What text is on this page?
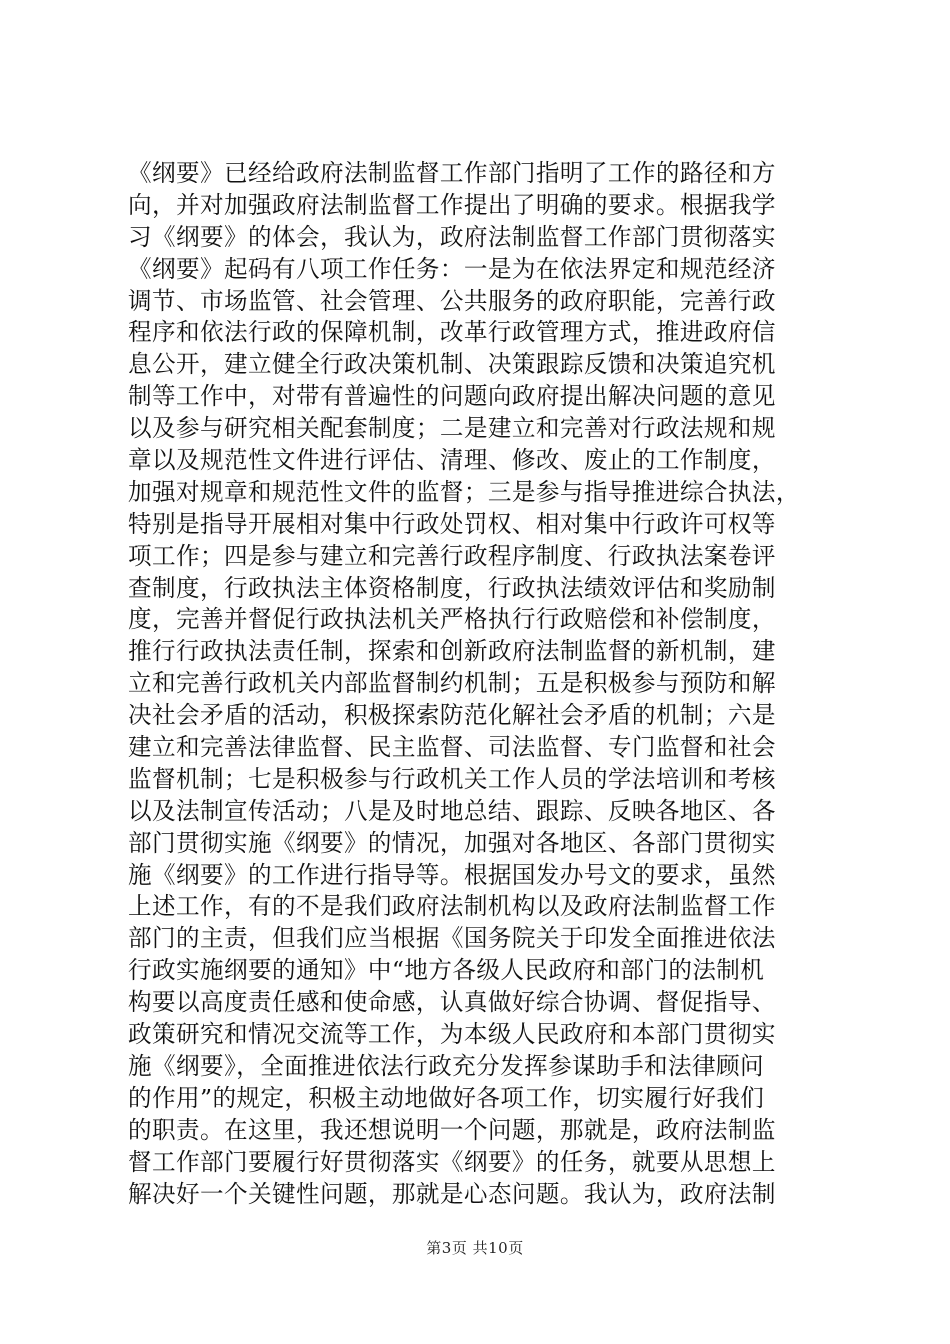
《纲要》已经给政府法制监督工作部门指明了工作的路径和方
向，并对加强政府法制监督工作提出了明确的要求。根据我学
习《纲要》的体会，我认为，政府法制监督工作部门贯彻落实
《纲要》起码有八项工作任务：一是为在依法界定和规范经济
调节、市场监管、社会管理、公共服务的政府职能，完善行政
程序和依法行政的保障机制，改革行政管理方式，推进政府信
息公开，建立健全行政决策机制、决策跟踪反馈和决策追究机
制等工作中，对带有普遍性的问题向政府提出解决问题的意见
以及参与研究相关配套制度；二是建立和完善对行政法规和规
章以及规范性文件进行评估、清理、修改、废止的工作制度，
加强对规章和规范性文件的监督；三是参与指导推进综合执法，
特别是指导开展相对集中行政处罚权、相对集中行政许可权等
项工作；四是参与建立和完善行政程序制度、行政执法案卷评
查制度，行政执法主体资格制度，行政执法绩效评估和奖励制
度，完善并督促行政执法机关严格执行行政赔偿和补偿制度，
推行行政执法责任制，探索和创新政府法制监督的新机制，建
立和完善行政机关内部监督制约机制；五是积极参与预防和解
决社会矛盾的活动，积极探索防范化解社会矛盾的机制；六是
建立和完善法律监督、民主监督、司法监督、专门监督和社会
监督机制；七是积极参与行政机关工作人员的学法培训和考核
以及法制宣传活动；八是及时地总结、跟踪、反映各地区、各
部门贯彻实施《纲要》的情况，加强对各地区、各部门贯彻实
施《纲要》的工作进行指导等。根据国发办号文的要求，虽然
上述工作，有的不是我们政府法制机构以及政府法制监督工作
部门的主责，但我们应当根据《国务院关于印发全面推进依法
行政实施纲要的通知》中“地方各级人民政府和部门的法制机
构要以高度责任感和使命感，认真做好综合协调、督促指导、
政策研究和情况交流等工作，为本级人民政府和本部门贯彻实
施《纲要》，全面推进依法行政充分发挥参谋助手和法律顾问
的作用”的规定，积极主动地做好各项工作，切实履行好我们
的职责。在这里，我还想说明一个问题，那就是，政府法制监
督工作部门要履行好贯彻落实《纲要》的任务，就要从思想上
解决好一个关键性问题，那就是心态问题。我认为，政府法制
第3页 共10页
